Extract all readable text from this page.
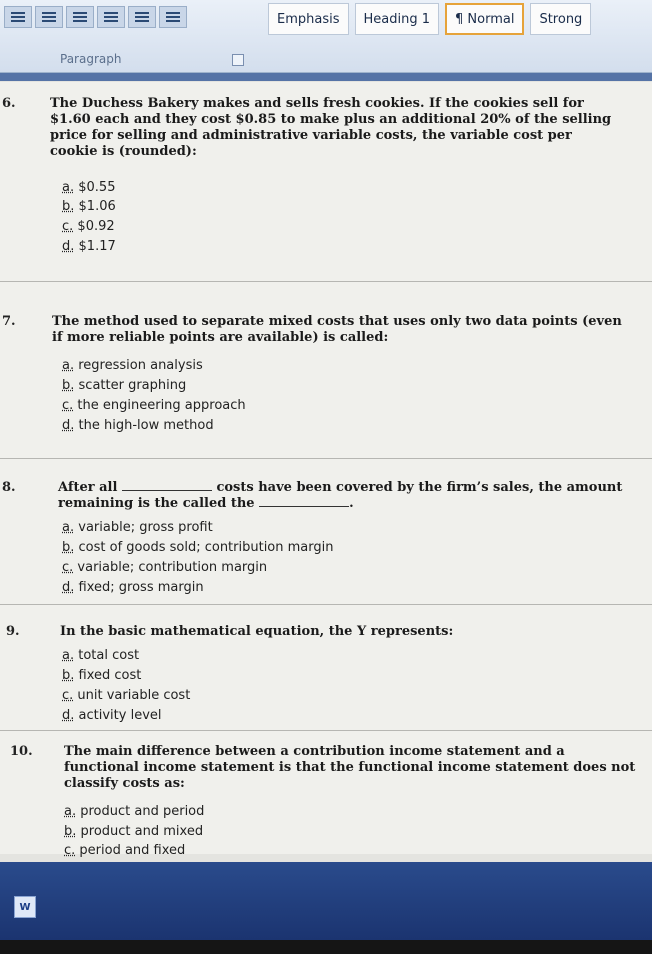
Emphasis	Heading 1	¶ Normal	Strong
Paragraph
6.	The Duchess Bakery makes and sells fresh cookies. If the cookies sell for
$1.60 each and they cost $0.85 to make plus an additional 20% of the selling
price for selling and administrative variable costs, the variable cost per
cookie is (rounded):
a. $0.55
b. $1.06
c. $0.92
d. $1.17
7.	The method used to separate mixed costs that uses only two data points (even
if more reliable points are available) is called:
a. regression analysis
b. scatter graphing
c. the engineering approach
d. the high-low method
8.	After all	costs have been covered by the firm’s sales, the amount
remaining is the called the	.
a. variable; gross profit
b. cost of goods sold; contribution margin
c. variable; contribution margin
d. fixed; gross margin
9.	In the basic mathematical equation, the Y represents:
a. total cost
b. fixed cost
c. unit variable cost
d. activity level
10. The main difference between a contribution income statement and a
functional income statement is that the functional income statement does not
classify costs as:
a. product and period
b. product and mixed
c. period and fixed
W
